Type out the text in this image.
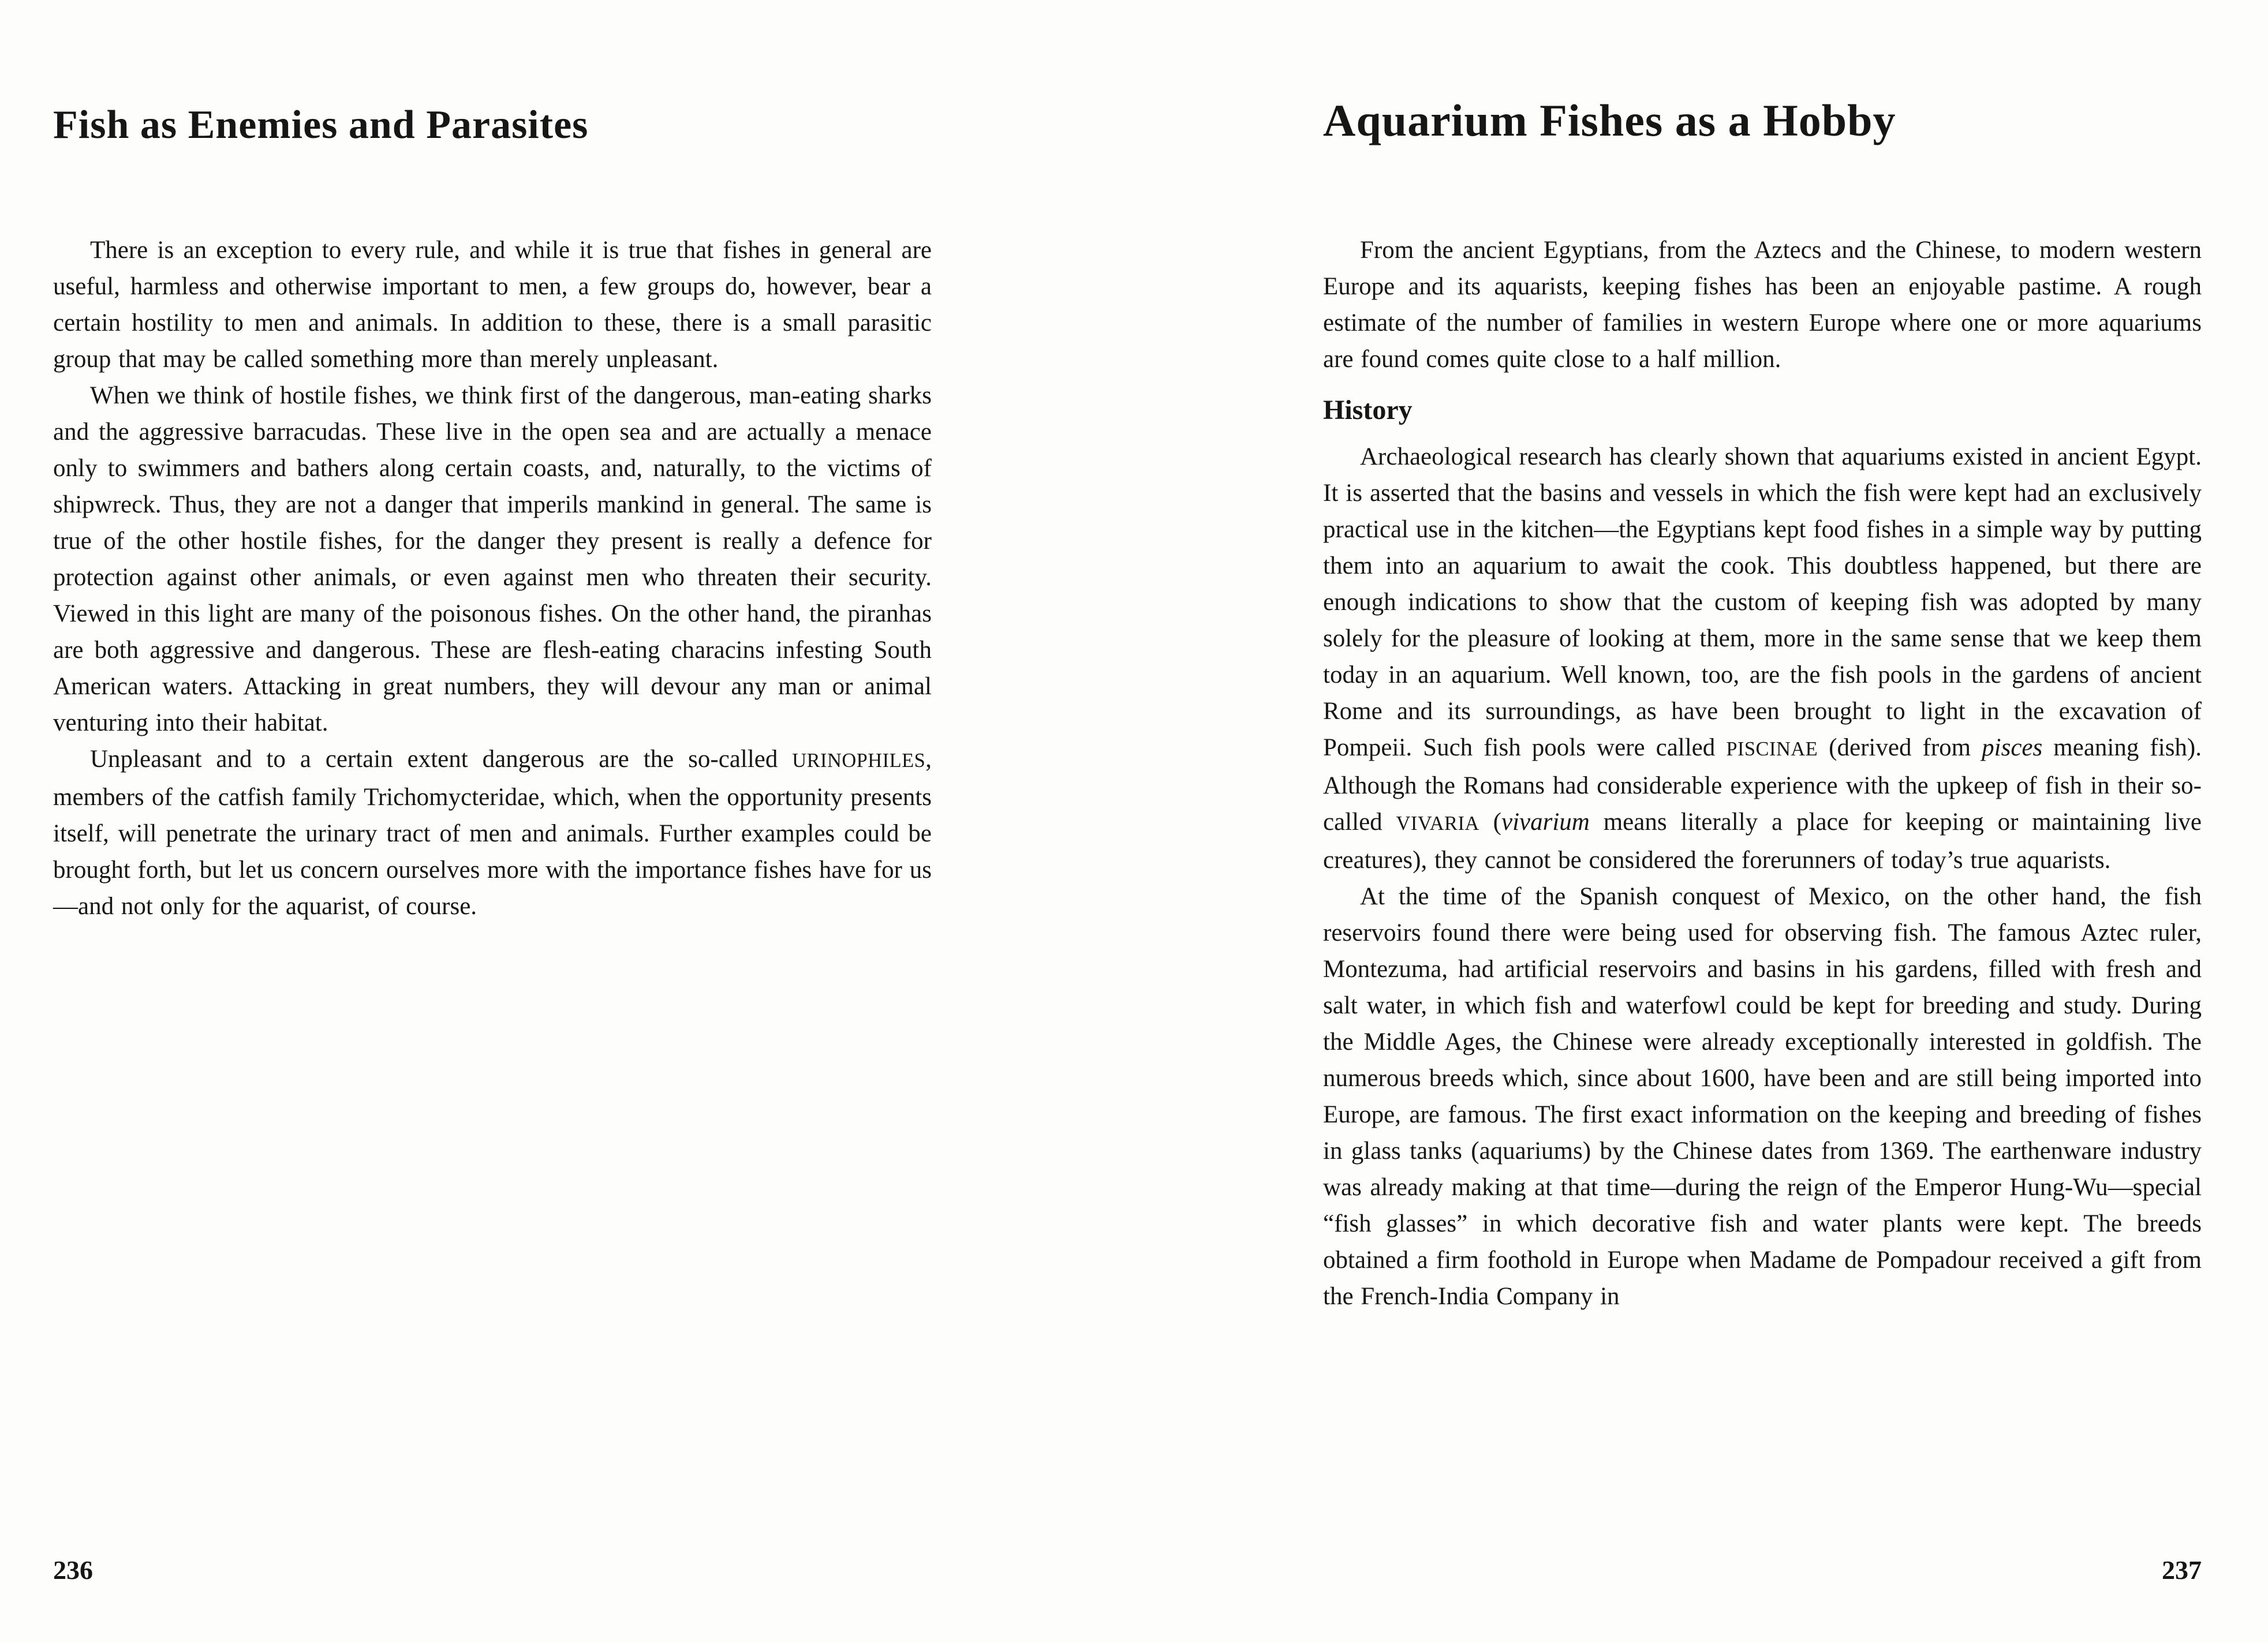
Fish as Enemies and Parasites

There is an exception to every rule, and while it is true that fishes in general are useful, harmless and otherwise important to men, a few groups do, however, bear a certain hostility to men and animals. In addition to these, there is a small parasitic group that may be called something more than merely unpleasant.

When we think of hostile fishes, we think first of the dangerous, man-eating sharks and the aggressive barracudas. These live in the open sea and are actually a menace only to swimmers and bathers along certain coasts, and, naturally, to the victims of shipwreck. Thus, they are not a danger that imperils mankind in general. The same is true of the other hostile fishes, for the danger they present is really a defence for protection against other animals, or even against men who threaten their security. Viewed in this light are many of the poisonous fishes. On the other hand, the piranhas are both aggressive and dangerous. These are flesh-eating characins infesting South American waters. Attacking in great numbers, they will devour any man or animal venturing into their habitat.

Unpleasant and to a certain extent dangerous are the so-called URINOPHILES, members of the catfish family Trichomycteridae, which, when the opportunity presents itself, will penetrate the urinary tract of men and animals. Further examples could be brought forth, but let us concern ourselves more with the importance fishes have for us—and not only for the aquarist, of course.

236
Aquarium Fishes as a Hobby

From the ancient Egyptians, from the Aztecs and the Chinese, to modern western Europe and its aquarists, keeping fishes has been an enjoyable pastime. A rough estimate of the number of families in western Europe where one or more aquariums are found comes quite close to a half million.

History

Archaeological research has clearly shown that aquariums existed in ancient Egypt. It is asserted that the basins and vessels in which the fish were kept had an exclusively practical use in the kitchen—the Egyptians kept food fishes in a simple way by putting them into an aquarium to await the cook. This doubtless happened, but there are enough indications to show that the custom of keeping fish was adopted by many solely for the pleasure of looking at them, more in the same sense that we keep them today in an aquarium. Well known, too, are the fish pools in the gardens of ancient Rome and its surroundings, as have been brought to light in the excavation of Pompeii. Such fish pools were called PISCINAE (derived from pisces meaning fish). Although the Romans had considerable experience with the upkeep of fish in their so-called VIVARIA (vivarium means literally a place for keeping or maintaining live creatures), they cannot be considered the forerunners of today’s true aquarists.

At the time of the Spanish conquest of Mexico, on the other hand, the fish reservoirs found there were being used for observing fish. The famous Aztec ruler, Montezuma, had artificial reservoirs and basins in his gardens, filled with fresh and salt water, in which fish and waterfowl could be kept for breeding and study. During the Middle Ages, the Chinese were already exceptionally interested in goldfish. The numerous breeds which, since about 1600, have been and are still being imported into Europe, are famous. The first exact information on the keeping and breeding of fishes in glass tanks (aquariums) by the Chinese dates from 1369. The earthenware industry was already making at that time—during the reign of the Emperor Hung-Wu—special “fish glasses” in which decorative fish and water plants were kept. The breeds obtained a firm foothold in Europe when Madame de Pompadour received a gift from the French-India Company in

237
